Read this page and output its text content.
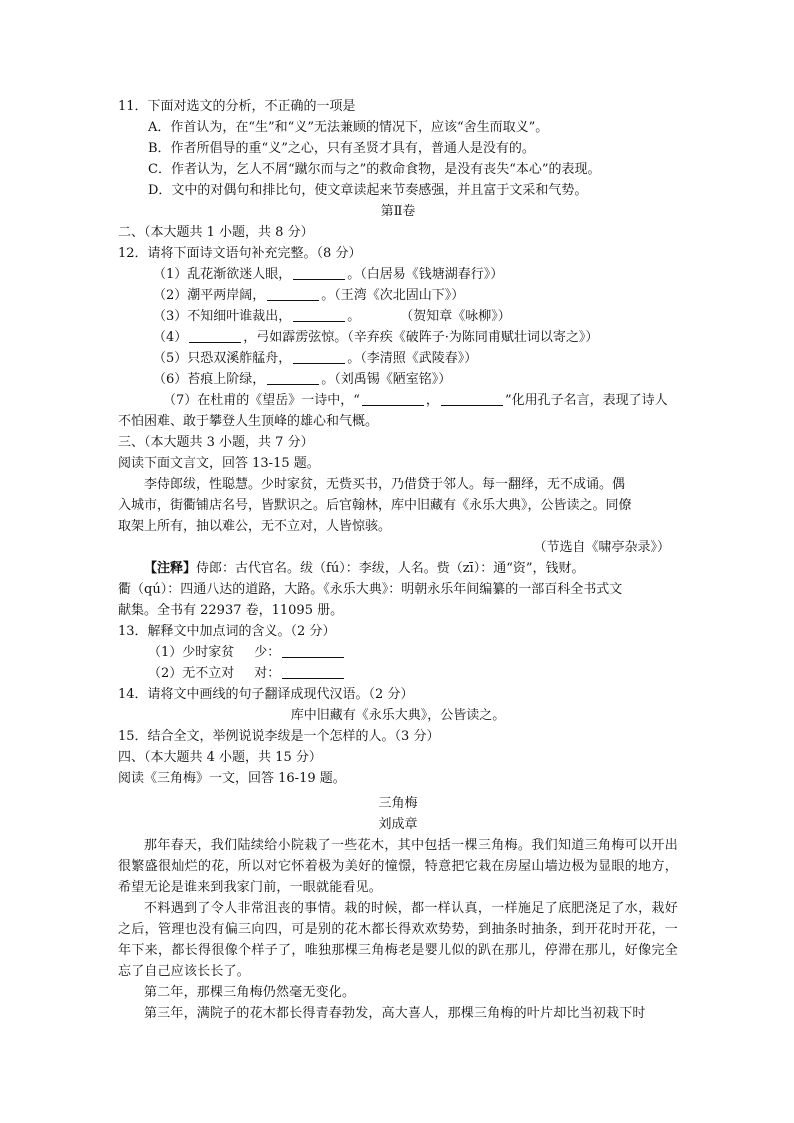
11．下面对选文的分析，不正确的一项是
A．作首认为，在“生”和“义”无法兼顾的情况下，应该“舍生而取义”。
B．作者所倡导的重“义”之心，只有圣贤才具有，普通人是没有的。
C．作者认为，乞人不屑“蹴尔而与之”的救命食物，是没有丧失“本心”的表现。
D．文中的对偶句和排比句，使文章读起来节奏感强，并且富于文采和气势。
第Ⅱ卷
二、（本大题共 1 小题，共 8 分）
12．请将下面诗文语句补充完整。（8 分）
（1）乱花渐欲迷人眼，	。（白居易《钱塘湖春行》）
（2）潮平两岸阔，	。（王湾《次北固山下》）
（3）不知细叶谁裁出，	。	（贺知章《咏柳》）
（4）	，弓如霹雳弦惊。（辛弃疾《破阵子·为陈同甫赋壮词以寄之》）
（5）只恐双溪舴艋舟，	。（李清照《武陵春》）
（6）苔痕上阶绿，	。（刘禹锡《陋室铭》）
（7）在杜甫的《望岳》一诗中，“	，	”化用孔子名言，表现了诗人
不怕困难、敢于攀登人生顶峰的雄心和气概。
三、（本大题共 3 小题，共 7 分）
阅读下面文言文，回答 13-15 题。
李侍郎绂，性聪慧。少时家贫，无赀买书，乃借贷于邻人。每一翻绎，无不成诵。偶
入城市，街衢铺店名号，皆默识之。后官翰林，库中旧藏有《永乐大典》，公皆读之。同僚
取架上所有，抽以难公，无不立对，人皆惊骇。
（节选自《啸亭杂录》）
【注释】侍郎：古代官名。绂（fú）：李绂，人名。赀（zī）：通“资”，钱财。
衢（qú）：四通八达的道路，大路。《永乐大典》：明朝永乐年间编纂的一部百科全书式文
献集。全书有 22937 卷，11095 册。
13．解释文中加点词的含义。（2 分）
（1）少时家贫 少：
（2）无不立对 对：
14．请将文中画线的句子翻译成现代汉语。（2 分）
库中旧藏有《永乐大典》，公皆读之。
15．结合全文，举例说说李绂是一个怎样的人。（3 分）
四、（本大题共 4 小题，共 15 分）
阅读《三角梅》一文，回答 16-19 题。
三角梅
刘成章
那年春天，我们陆续给小院栽了一些花木，其中包括一棵三角梅。我们知道三角梅可以开出很繁盛很灿烂的花，所以对它怀着极为美好的憧憬，特意把它栽在房屋山墙边极为显眼的地方，希望无论是谁来到我家门前，一眼就能看见。
不料遇到了令人非常沮丧的事情。栽的时候，都一样认真，一样施足了底肥浇足了水，栽好之后，管理也没有偏三向四，可是别的花木都长得欢欢势势，到抽条时抽条，到开花时开花，一年下来，都长得很像个样子了，唯独那棵三角梅老是婴儿似的趴在那儿，停滞在那儿，好像完全忘了自己应该长长了。
第二年，那棵三角梅仍然毫无变化。
第三年，满院子的花木都长得青春勃发，高大喜人，那棵三角梅的叶片却比当初栽下时
